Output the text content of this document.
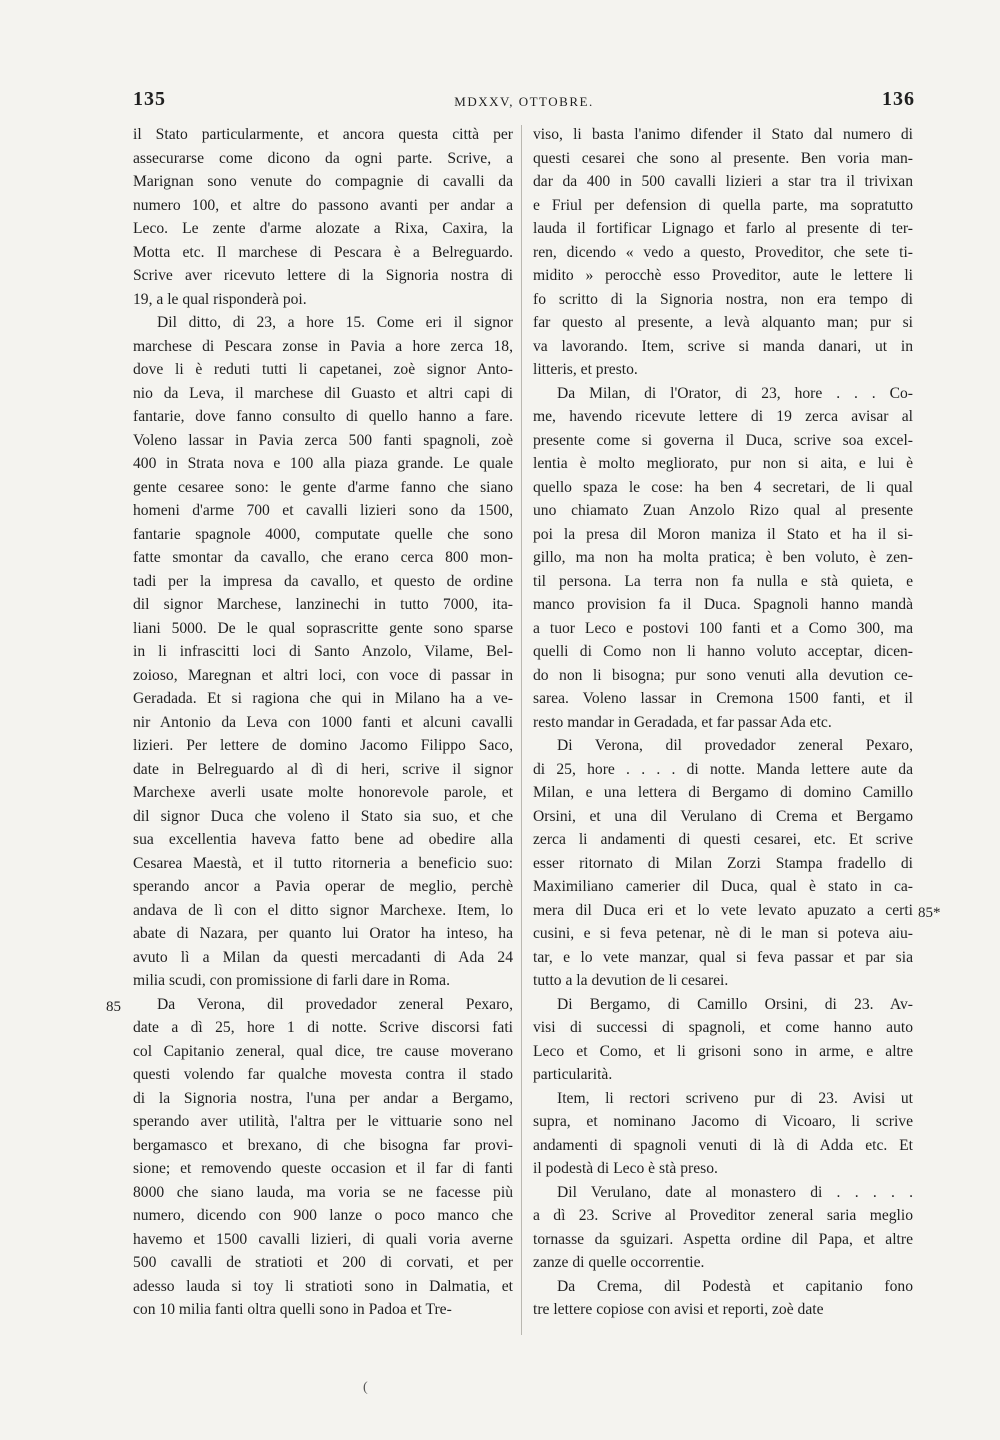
135	MDXXV, OTTOBRE.	136
il Stato particularmente, et ancora questa città per
assecurarse come dicono da ogni parte. Scrive, a
Marignan sono venute do compagnie di cavalli da
numero 100, et altre do passono avanti per andar a
Leco. Le zente d'arme alozate a Rixa, Caxira, la
Motta etc. Il marchese di Pescara è a Belreguardo.
Scrive aver ricevuto lettere di la Signoria nostra di
19, a le qual risponderà poi.
Dil ditto, di 23, a hore 15. Come eri il signor
marchese di Pescara zonse in Pavia a hore zerca 18,
dove li è reduti tutti li capetanei, zoè signor Anto-
nio da Leva, il marchese dil Guasto et altri capi di
fantarie, dove fanno consulto di quello hanno a fare.
Voleno lassar in Pavia zerca 500 fanti spagnoli, zoè
400 in Strata nova e 100 alla piaza grande. Le quale
gente cesaree sono: le gente d'arme fanno che siano
homeni d'arme 700 et cavalli lizieri sono da 1500,
fantarie spagnole 4000, computate quelle che sono
fatte smontar da cavallo, che erano cerca 800 mon-
tadi per la impresa da cavallo, et questo de ordine
dil signor Marchese, lanzinechi in tutto 7000, ita-
liani 5000. De le qual soprascritte gente sono sparse
in li infrascitti loci di Santo Anzolo, Vilame, Bel-
zoioso, Maregnan et altri loci, con voce di passar in
Geradada. Et si ragiona che qui in Milano ha a ve-
nir Antonio da Leva con 1000 fanti et alcuni cavalli
lizieri. Per lettere de domino Jacomo Filippo Saco,
date in Belreguardo al dì di heri, scrive il signor
Marchexe averli usate molte honorevole parole, et
dil signor Duca che voleno il Stato sia suo, et che
sua excellentia haveva fatto bene ad obedire alla
Cesarea Maestà, et il tutto ritorneria a beneficio suo:
sperando ancor a Pavia operar de meglio, perchè
andava de lì con el ditto signor Marchexe. Item, lo
abate di Nazara, per quanto lui Orator ha inteso, ha
avuto lì a Milan da questi mercadanti di Ada 24
milia scudi, con promissione di farli dare in Roma.
Da Verona, dil provedador zeneral Pexaro,
date a dì 25, hore 1 di notte. Scrive discorsi fati
col Capitanio zeneral, qual dice, tre cause moverano
questi volendo far qualche movesta contra il stado
di la Signoria nostra, l'una per andar a Bergamo,
sperando aver utilità, l'altra per le vittuarie sono nel
bergamasco et brexano, di che bisogna far provi-
sione; et removendo queste occasion et il far di fanti
8000 che siano lauda, ma voria se ne facesse più
numero, dicendo con 900 lanze o poco manco che
havemo et 1500 cavalli lizieri, di quali voria averne
500 cavalli de stratioti et 200 di corvati, et per
adesso lauda si toy li stratioti sono in Dalmatia, et
con 10 milia fanti oltra quelli sono in Padoa et Tre-
viso, li basta l'animo difender il Stato dal numero di
questi cesarei che sono al presente. Ben voria man-
dar da 400 in 500 cavalli lizieri a star tra il trivixan
e Friul per defension di quella parte, ma sopratutto
lauda il fortificar Lignago et farlo al presente di ter-
ren, dicendo « vedo a questo, Proveditor, che sete ti-
midito » perocchè esso Proveditor, aute le lettere li
fo scritto di la Signoria nostra, non era tempo di
far questo al presente, a levà alquanto man; pur si
va lavorando. Item, scrive si manda danari, ut in
litteris, et presto.
Da Milan, di l'Orator, di 23, hore . . . Co-
me, havendo ricevute lettere di 19 zerca avisar al
presente come si governa il Duca, scrive soa excel-
lentia è molto megliorato, pur non si aita, e lui è
quello spaza le cose: ha ben 4 secretari, de li qual
uno chiamato Zuan Anzolo Rizo qual al presente
poi la presa dil Moron maniza il Stato et ha il si-
gillo, ma non ha molta pratica; è ben voluto, è zen-
til persona. La terra non fa nulla e stà quieta, e
manco provision fa il Duca. Spagnoli hanno mandà
a tuor Leco e postovi 100 fanti et a Como 300, ma
quelli di Como non li hanno voluto acceptar, dicen-
do non li bisogna; pur sono venuti alla devution ce-
sarea. Voleno lassar in Cremona 1500 fanti, et il
resto mandar in Geradada, et far passar Ada etc.
Di Verona, dil provedador zeneral Pexaro,
di 25, hore . . . . di notte. Manda lettere aute da
Milan, e una lettera di Bergamo di domino Camillo
Orsini, et una dil Verulano di Crema et Bergamo
zerca li andamenti di questi cesarei, etc. Et scrive
esser ritornato di Milan Zorzi Stampa fradello di
Maximiliano camerier dil Duca, qual è stato in ca-
mera dil Duca eri et lo vete levato apuzato a certi
cusini, e si feva petenar, nè di le man si poteva aiu-
tar, e lo vete manzar, qual si feva passar et par sia
tutto a la devution de li cesarei.
Di Bergamo, di Camillo Orsini, di 23. Av-
visi di successi di spagnoli, et come hanno auto
Leco et Como, et li grisoni sono in arme, e altre
particularità.
Item, li rectori scriveno pur di 23. Avisi ut
supra, et nominano Jacomo di Vicoaro, li scrive
andamenti di spagnoli venuti di là di Adda etc. Et
il podestà di Leco è stà preso.
Dil Verulano, date al monastero di . . . . .
a dì 23. Scrive al Proveditor zeneral saria meglio
tornasse da sguizari. Aspetta ordine dil Papa, et altre
zanze di quelle occorrentie.
Da Crema, dil Podestà et capitanio fono
tre lettere copiose con avisi et reporti, zoè date
85
85*
(
